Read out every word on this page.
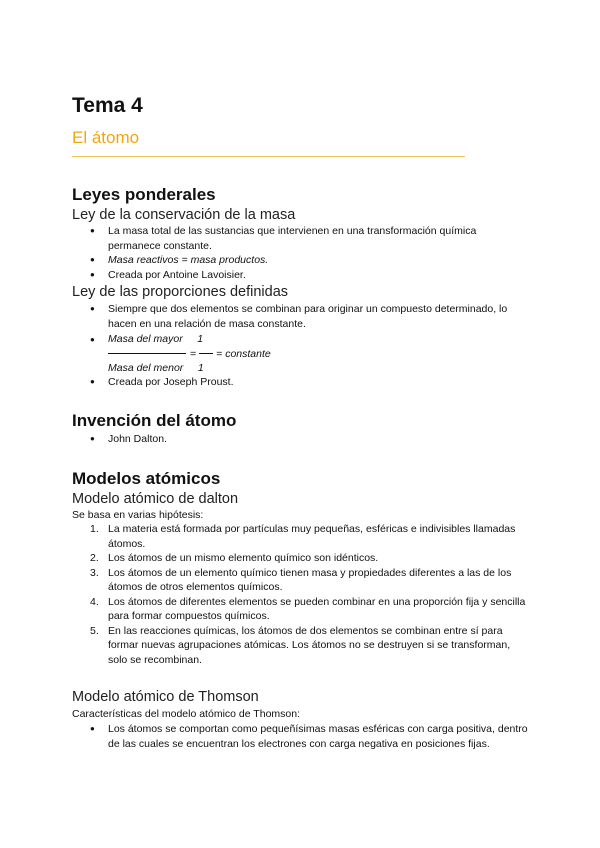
Tema 4
El átomo
Leyes ponderales
Ley de la conservación de la masa
● La masa total de las sustancias que intervienen en una transformación química permanece constante.
● Masa reactivos = masa productos.
● Creada por Antoine Lavoisier.
Ley de las proporciones definidas
● Siempre que dos elementos se combinan para originar un compuesto determinado, lo hacen en una relación de masa constante.
● Masa del mayor 1
= = constante
Masa del menor 1
● Creada por Joseph Proust.
Invención del átomo
● John Dalton.
Modelos atómicos
Modelo atómico de dalton
Se basa en varias hipótesis:
1. La materia está formada por partículas muy pequeñas, esféricas e indivisibles llamadas átomos.
2. Los átomos de un mismo elemento químico son idénticos.
3. Los átomos de un elemento químico tienen masa y propiedades diferentes a las de los átomos de otros elementos químicos.
4. Los átomos de diferentes elementos se pueden combinar en una proporción fija y sencilla para formar compuestos químicos.
5. En las reacciones químicas, los átomos de dos elementos se combinan entre sí para formar nuevas agrupaciones atómicas. Los átomos no se destruyen si se transforman, solo se recombinan.
Modelo atómico de Thomson
Características del modelo atómico de Thomson:
● Los átomos se comportan como pequeñísimas masas esféricas con carga positiva, dentro de las cuales se encuentran los electrones con carga negativa en posiciones fijas.
